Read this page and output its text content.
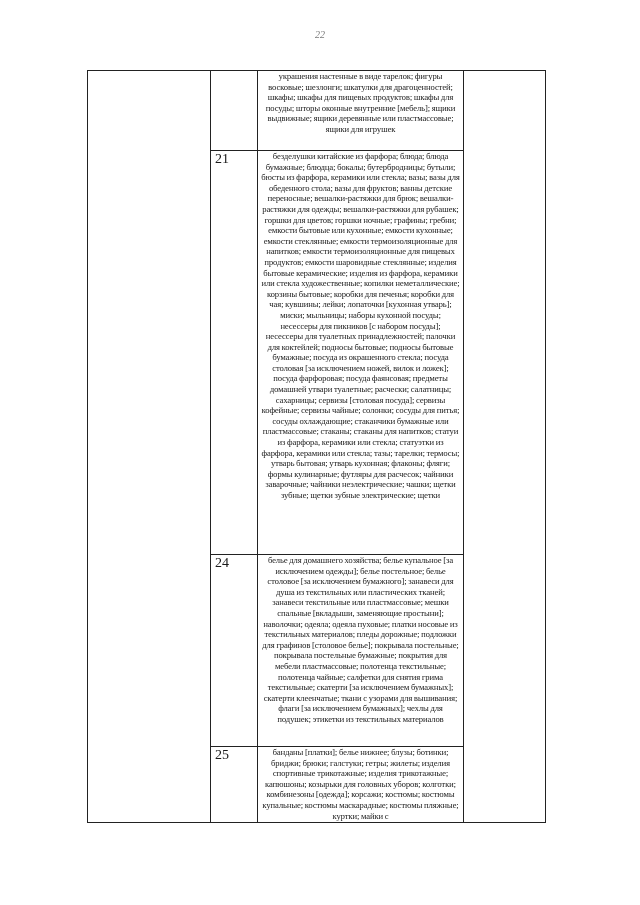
22

		украшения настенные в виде тарелок; фигуры восковые; шезлонги; шкатулки для драгоценностей; шкафы; шкафы для пищевых продуктов; шкафы для посуды; шторы оконные внутренние [мебель]; ящики выдвижные; ящики деревянные или пластмассовые; ящики для игрушек	

	21	безделушки китайские из фарфора; блюда; блюда бумажные; блюдца; бокалы; бутербродницы; бутыли; бюсты из фарфора, керамики или стекла; вазы; вазы для обеденного стола; вазы для фруктов; ванны детские переносные; вешалки-растяжки для брюк; вешалки-растяжки для одежды; вешалки-растяжки для рубашек; горшки для цветов; горшки ночные; графины; гребни; емкости бытовые или кухонные; емкости кухонные; емкости стеклянные; емкости термоизоляционные для напитков; емкости термоизоляционные для пищевых продуктов; емкости шаровидные стеклянные; изделия бытовые керамические; изделия из фарфора, керамики или стекла художественные; копилки неметаллические; корзины бытовые; коробки для печенья; коробки для чая; кувшины; лейки; лопаточки [кухонная утварь]; миски; мыльницы; наборы кухонной посуды; несессеры для пикников [с набором посуды]; несессеры для туалетных принадлежностей; палочки для коктейлей; подносы бытовые; подносы бытовые бумажные; посуда из окрашенного стекла; посуда столовая [за исключением ножей, вилок и ложек]; посуда фарфоровая; посуда фаянсовая; предметы домашней утвари туалетные; расчески; салатницы; сахарницы; сервизы [столовая посуда]; сервизы кофейные; сервизы чайные; солонки; сосуды для питья; сосуды охлаждающие; стаканчики бумажные или пластмассовые; стаканы; стаканы для напитков; статуи из фарфора, керамики или стекла; статуэтки из фарфора, керамики или стекла; тазы; тарелки; термосы; утварь бытовая; утварь кухонная; флаконы; фляги; формы кулинарные; футляры для расчесок; чайники заварочные; чайники неэлектрические; чашки; щетки зубные; щетки зубные электрические; щетки	

	24	белье для домашнего хозяйства; белье купальное [за исключением одежды]; белье постельное; белье столовое [за исключением бумажного]; занавеси для душа из текстильных или пластических тканей; занавеси текстильные или пластмассовые; мешки спальные [вкладыши, заменяющие простыни]; наволочки; одеяла; одеяла пуховые; платки носовые из текстильных материалов; пледы дорожные; подложки для графинов [столовое белье]; покрывала постельные; покрывала постельные бумажные; покрытия для мебели пластмассовые; полотенца текстильные; полотенца чайные; салфетки для снятия грима текстильные; скатерти [за исключением бумажных]; скатерти клеенчатые; ткани с узорами для вышивания; флаги [за исключением бумажных]; чехлы для подушек; этикетки из текстильных материалов	

	25	банданы [платки]; белье нижнее; блузы; ботинки; бриджи; брюки; галстуки; гетры; жилеты; изделия спортивные трикотажные; изделия трикотажные; капюшоны; козырьки для головных уборов; колготки; комбинезоны [одежда]; корсажи; костюмы; костюмы купальные; костюмы маскарадные; костюмы пляжные; куртки; майки с	
